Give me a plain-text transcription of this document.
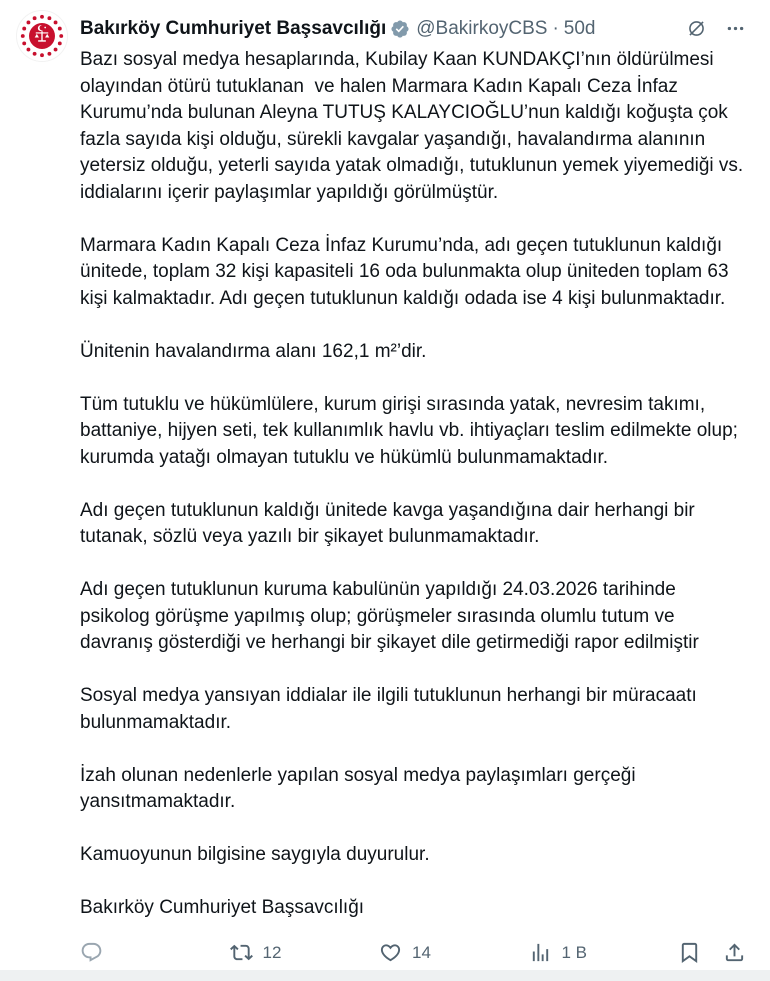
Bakırköy Cumhuriyet Başsavcılığı @BakirkoyCBS · 50d

Bazı sosyal medya hesaplarında, Kubilay Kaan KUNDAKÇI’nın öldürülmesi olayından ötürü tutuklanan  ve halen Marmara Kadın Kapalı Ceza İnfaz Kurumu’nda bulunan Aleyna TUTUŞ KALAYCIOĞLU’nun kaldığı koğuşta çok fazla sayıda kişi olduğu, sürekli kavgalar yaşandığı, havalandırma alanının yetersiz olduğu, yeterli sayıda yatak olmadığı, tutuklunun yemek yiyemediği vs. iddialarını içerir paylaşımlar yapıldığı görülmüştür.

Marmara Kadın Kapalı Ceza İnfaz Kurumu’nda, adı geçen tutuklunun kaldığı ünitede, toplam 32 kişi kapasiteli 16 oda bulunmakta olup üniteden toplam 63 kişi kalmaktadır. Adı geçen tutuklunun kaldığı odada ise 4 kişi bulunmaktadır.

Ünitenin havalandırma alanı 162,1 m²’dir.

Tüm tutuklu ve hükümlülere, kurum girişi sırasında yatak, nevresim takımı, battaniye, hijyen seti, tek kullanımlık havlu vb. ihtiyaçları teslim edilmekte olup; kurumda yatağı olmayan tutuklu ve hükümlü bulunmamaktadır.

Adı geçen tutuklunun kaldığı ünitede kavga yaşandığına dair herhangi bir tutanak, sözlü veya yazılı bir şikayet bulunmamaktadır.

Adı geçen tutuklunun kuruma kabulünün yapıldığı 24.03.2026 tarihinde psikolog görüşme yapılmış olup; görüşmeler sırasında olumlu tutum ve davranış gösterdiği ve herhangi bir şikayet dile getirmediği rapor edilmiştir

Sosyal medya yansıyan iddialar ile ilgili tutuklunun herhangi bir müracaatı bulunmamaktadır.

İzah olunan nedenlerle yapılan sosyal medya paylaşımları gerçeği yansıtmamaktadır.

Kamuoyunun bilgisine saygıyla duyurulur.

Bakırköy Cumhuriyet Başsavcılığı

12	14	1 B
